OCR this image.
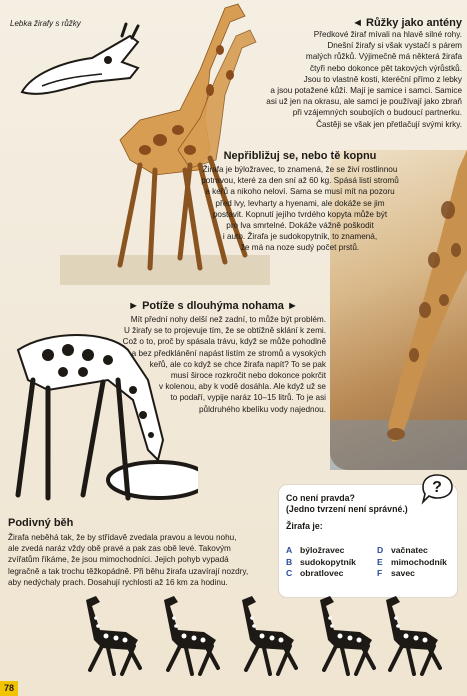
Lebka žirafy s růžky	◄ Růžky jako antény

Předkové žiraf mívali na hlavě silné rohy.

Dnešní žirafy si však vystačí s párem

malých růžků. Výjimečně má některá žirafa

čtyři nebo dokonce pět takových výrůstků.

Jsou to vlastně kosti, kteréční přímo z lebky

a jsou potažené kůží. Mají je samice i samci. Samice

asi už jen na okrasu, ale samci je používají jako zbraň

při vzájemných soubojích o budoucí partnerku.

Častěji se však jen přetlačují svými krky.

Nepřibližuj se, nebo tě kopnu

Žirafa je býložravec, to znamená, že se živí rostlinnou

potravou, které za den sní až 60 kg. Spásá listí stromů

a keřů a nikoho neloví. Sama se musí mít na pozoru

před lvy, levharty a hyenami, ale dokáže se jim

postavit. Kopnutí jejího tvrdého kopyta může být

pro lva smrtelné. Dokáže vážně poškodit

i auto. Žirafa je sudokopytník, to znamená,

že má na noze sudý počet prstů.

► Potíže s dlouhýma nohama ►

Mít přední nohy delší než zadní, to může být problém.

U žirafy se to projevuje tím, že se obtížně sklání k zemi.

Což o to, proč by spásala trávu, když se může pohodlně

a bez předklánění napást listím ze stromů a vysokých

keřů, ale co když se chce žirafa napít? To se pak

musí široce rozkročit nebo dokonce pokrčit

v kolenou, aby k vodě dosáhla. Ale když už se

to podaří, vypije naráz 10–15 litrů. To je asi

půldruhého kbelíku vody najednou.

Co není pravda?
(Jedno tvrzení není správné.)
Žirafa je:
?
A býložravec
B sudokopytník
C obratlovec
D vačnatec
E mimochodník
F savec

Podivný běh

Žirafa neběhá tak, že by střídavě zvedala pravou a levou nohu,

ale zvedá naráz vždy obě pravé a pak zas obě levé. Takovým

zvířatům říkáme, že jsou mimochodníci. Jejich pohyb vypadá

legračně a tak trochu těžkopádně. Při běhu žirafa uzavírají nozdry,

aby nedýchaly prach. Dosahují rychlosti až 16 km za hodinu.

78
